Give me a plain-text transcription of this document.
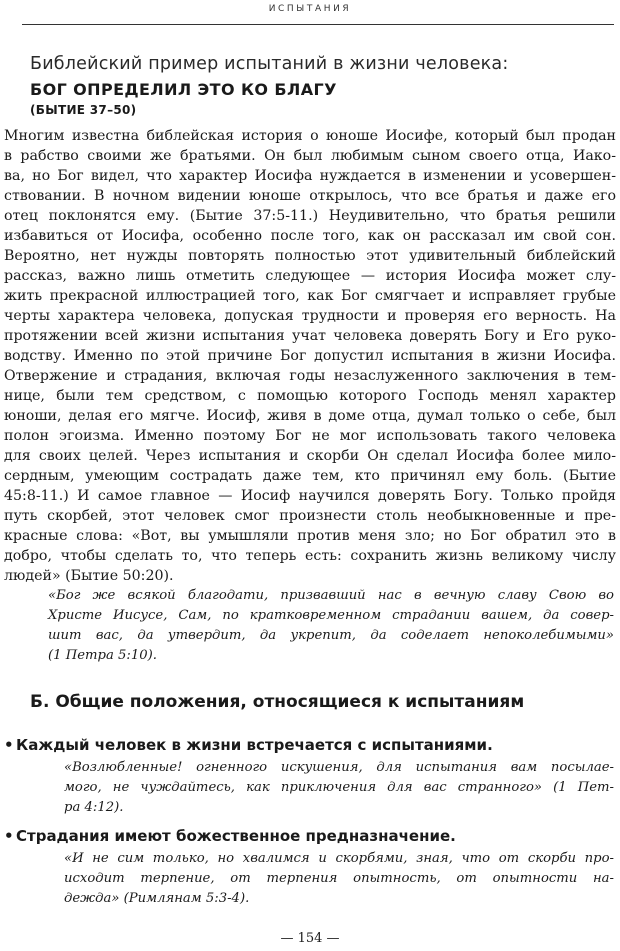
ИСПЫТАНИЯ
Библейский пример испытаний в жизни человека:
БОГ ОПРЕДЕЛИЛ ЭТО КО БЛАГУ
(БЫТИЕ 37–50)
Многим известна библейская история о юноше Иосифе, который был продан
в рабство своими же братьями. Он был любимым сыном своего отца, Иако-
ва, но Бог видел, что характер Иосифа нуждается в изменении и усовершен-
ствовании. В ночном видении юноше открылось, что все братья и даже его
отец поклонятся ему. (Бытие 37:5-11.) Неудивительно, что братья решили
избавиться от Иосифа, особенно после того, как он рассказал им свой сон.
Вероятно, нет нужды повторять полностью этот удивительный библейский
рассказ, важно лишь отметить следующее — история Иосифа может слу-
жить прекрасной иллюстрацией того, как Бог смягчает и исправляет грубые
черты характера человека, допуская трудности и проверяя его верность. На
протяжении всей жизни испытания учат человека доверять Богу и Его руко-
водству. Именно по этой причине Бог допустил испытания в жизни Иосифа.
Отвержение и страдания, включая годы незаслуженного заключения в тем-
нице, были тем средством, с помощью которого Господь менял характер
юноши, делая его мягче. Иосиф, живя в доме отца, думал только о себе, был
полон эгоизма. Именно поэтому Бог не мог использовать такого человека
для своих целей. Через испытания и скорби Он сделал Иосифа более мило-
сердным, умеющим сострадать даже тем, кто причинял ему боль. (Бытие
45:8-11.) И самое главное — Иосиф научился доверять Богу. Только пройдя
путь скорбей, этот человек смог произнести столь необыкновенные и пре-
красные слова: «Вот, вы умышляли против меня зло; но Бог обратил это в
добро, чтобы сделать то, что теперь есть: сохранить жизнь великому числу
людей» (Бытие 50:20).
«Бог же всякой благодати, призвавший нас в вечную славу Свою во
Христе Иисусе, Сам, по кратковременном страдании вашем, да совер-
шит вас, да утвердит, да укрепит, да соделает непоколебимыми»
(1 Петра 5:10).
Б. Общие положения, относящиеся к испытаниям
• Каждый человек в жизни встречается с испытаниями.
«Возлюбленные! огненного искушения, для испытания вам посылае-
мого, не чуждайтесь, как приключения для вас странного» (1 Пет-
ра 4:12).
• Страдания имеют божественное предназначение.
«И не сим только, но хвалимся и скорбями, зная, что от скорби про-
исходит терпение, от терпения опытность, от опытности на-
дежда» (Римлянам 5:3-4).
— 154 —
